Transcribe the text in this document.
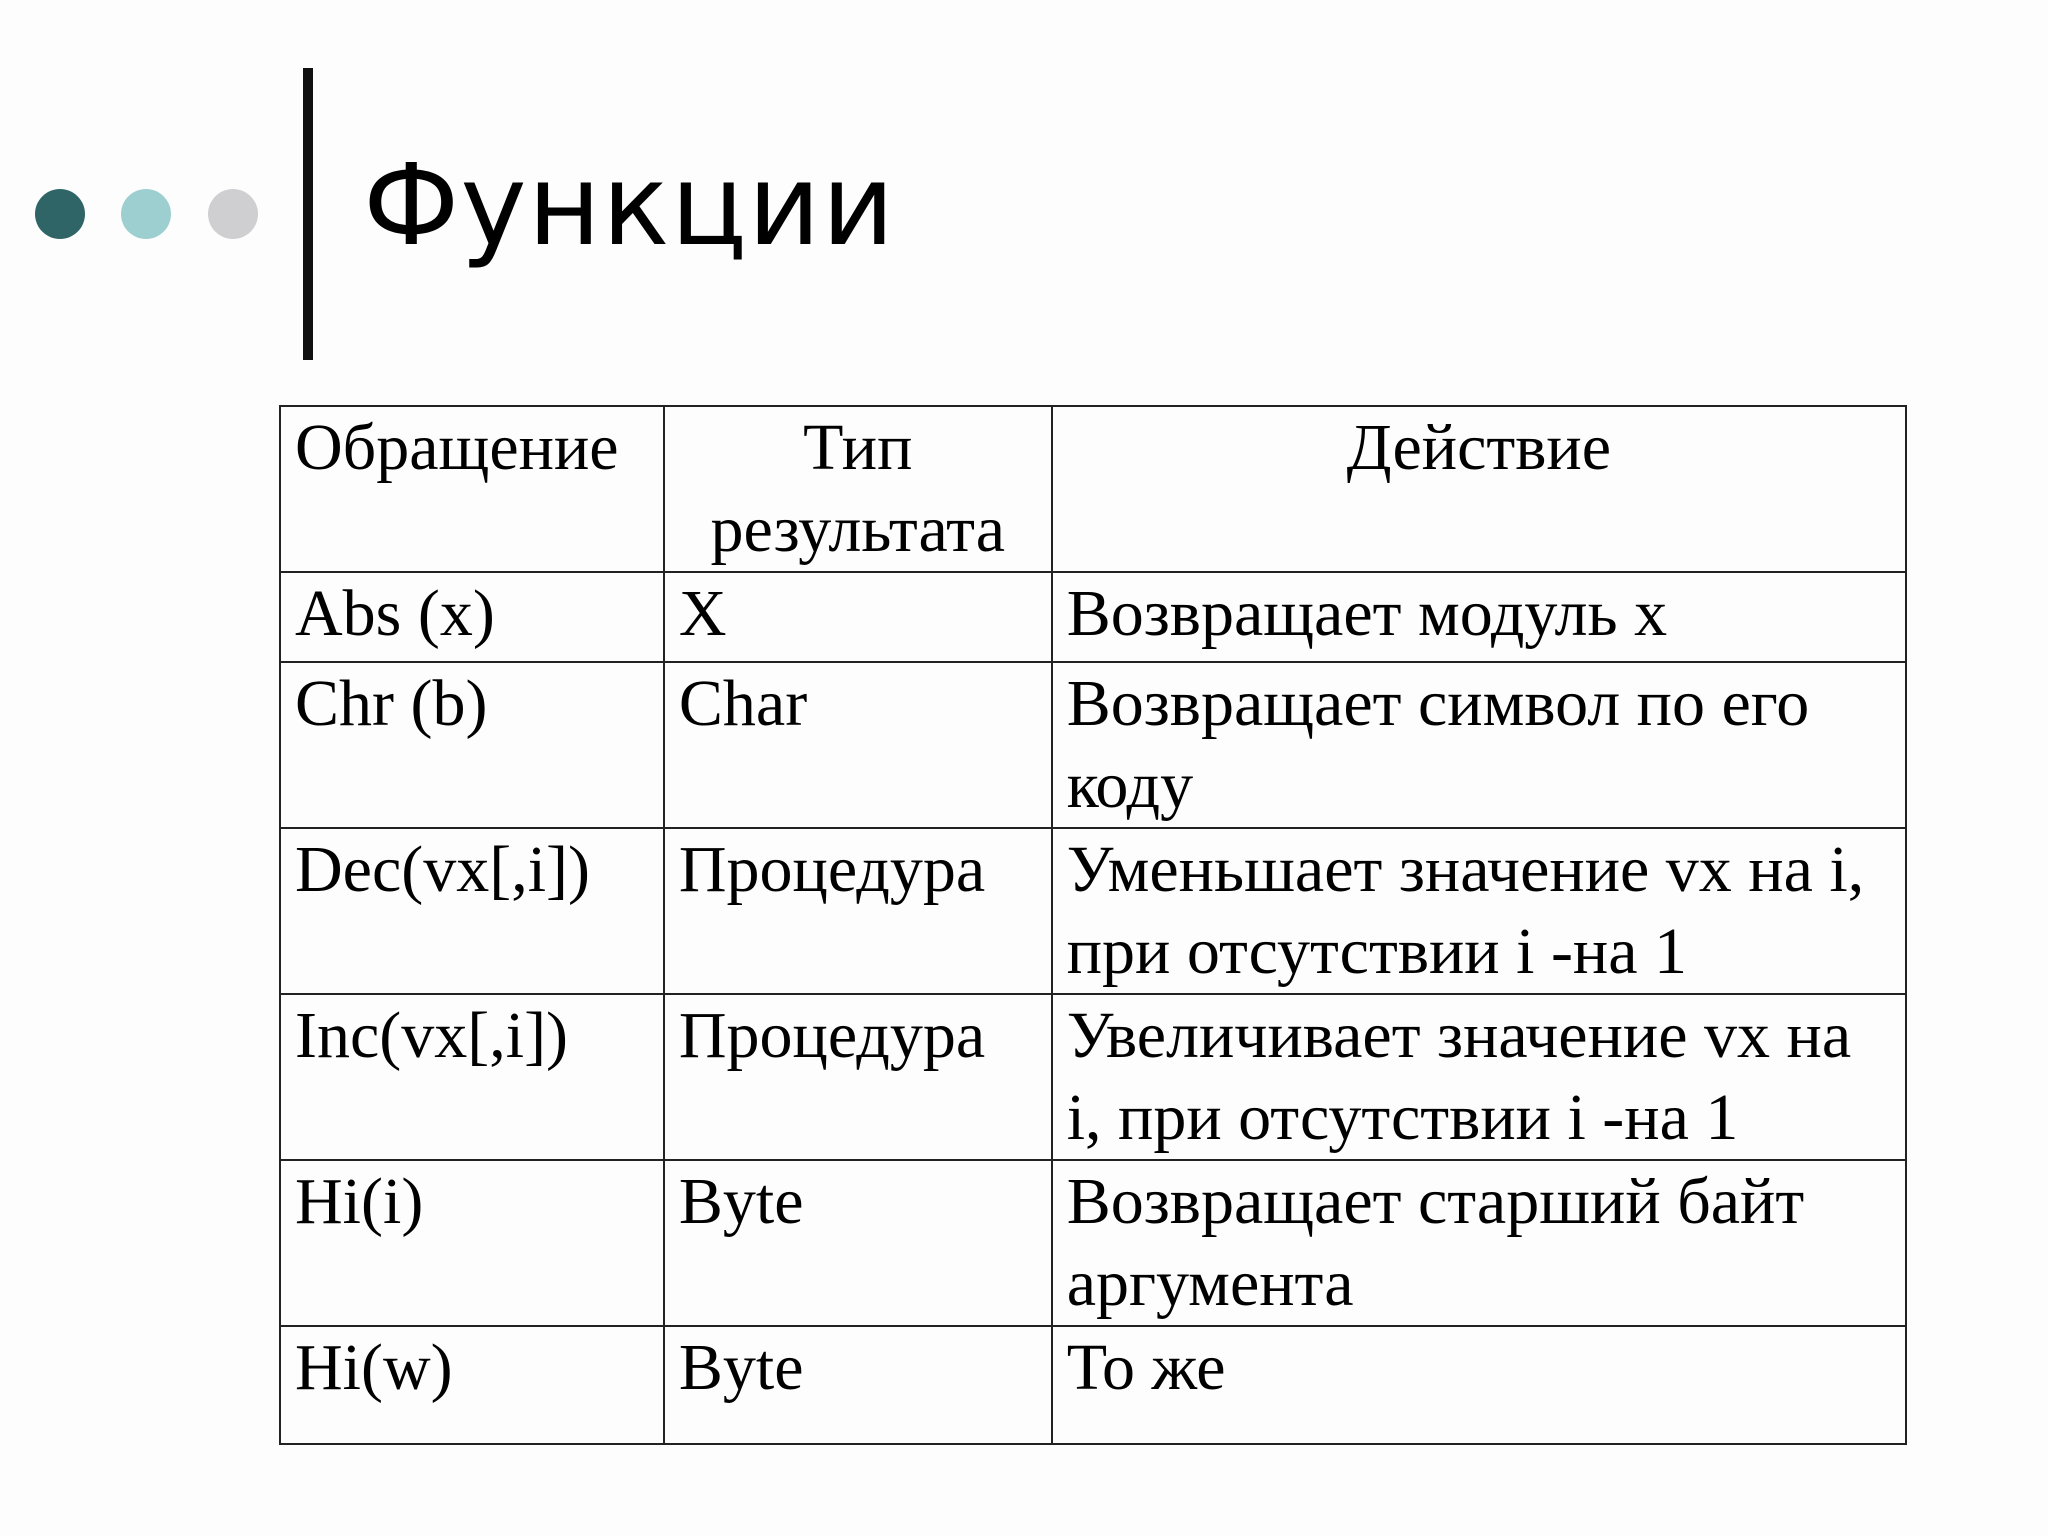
Функции
Обращение	Тип результата	Действие
Abs (x)	X	Возвращает модуль x
Chr (b)	Char	Возвращает символ по его коду
Dec(vx[,i])	Процедура	Уменьшает значение vx на i, при отсутствии i -на 1
Inc(vx[,i])	Процедура	Увеличивает значение vx на i, при отсутствии i -на 1
Hi(i)	Byte	Возвращает старший байт аргумента
Hi(w)	Byte	То же
